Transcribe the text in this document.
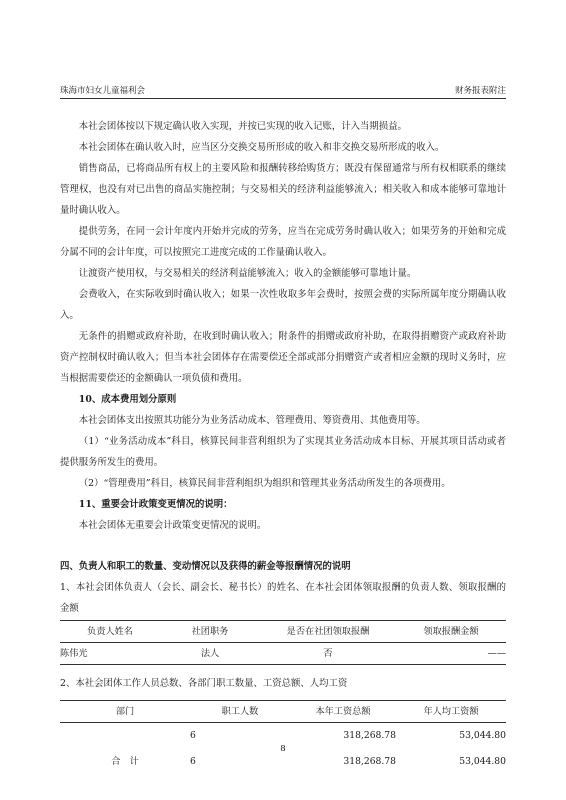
珠海市妇女儿童福利会	财务报表附注

本社会团体按以下规定确认收入实现，并按已实现的收入记账，计入当期损益。

本社会团体在确认收入时，应当区分交换交易所形成的收入和非交换交易所形成的收入。

销售商品，已将商品所有权上的主要风险和报酬转移给购货方；既没有保留通常与所有权相联系的继续管理权，也没有对已出售的商品实施控制；与交易相关的经济利益能够流入；相关收入和成本能够可靠地计量时确认收入。

提供劳务，在同一会计年度内开始并完成的劳务，应当在完成劳务时确认收入；如果劳务的开始和完成分属不同的会计年度，可以按照完工进度完成的工作量确认收入。

让渡资产使用权，与交易相关的经济利益能够流入；收入的金额能够可靠地计量。

会费收入，在实际收到时确认收入；如果一次性收取多年会费时，按照会费的实际所属年度分期确认收入。

无条件的捐赠或政府补助，在收到时确认收入；附条件的捐赠或政府补助，在取得捐赠资产或政府补助资产控制权时确认收入；但当本社会团体存在需要偿还全部或部分捐赠资产或者相应金额的现时义务时，应当根据需要偿还的金额确认一项负债和费用。

10、成本费用划分原则

本社会团体支出按照其功能分为业务活动成本、管理费用、筹资费用、其他费用等。

（1）“业务活动成本”科目，核算民间非营利组织为了实现其业务活动成本目标、开展其项目活动或者提供服务所发生的费用。

（2）“管理费用”科目，核算民间非营利组织为组织和管理其业务活动所发生的各项费用。

11、重要会计政策变更情况的说明：

本社会团体无重要会计政策变更情况的说明。

四、负责人和职工的数量、变动情况以及获得的薪金等报酬情况的说明

1、本社会团体负责人（会长、副会长、秘书长）的姓名、在本社会团体领取报酬的负责人数、领取报酬的金额

负责人姓名	社团职务	是否在社团领取报酬	领取报酬金额
陈伟光	法人	否	——

2、本社会团体工作人员总数、各部门职工数量、工资总额、人均工资

部门	职工人数	本年工资总额	年人均工资额
	6	318,268.78	53,044.80
合　计	6	318,268.78	53,044.80
8
